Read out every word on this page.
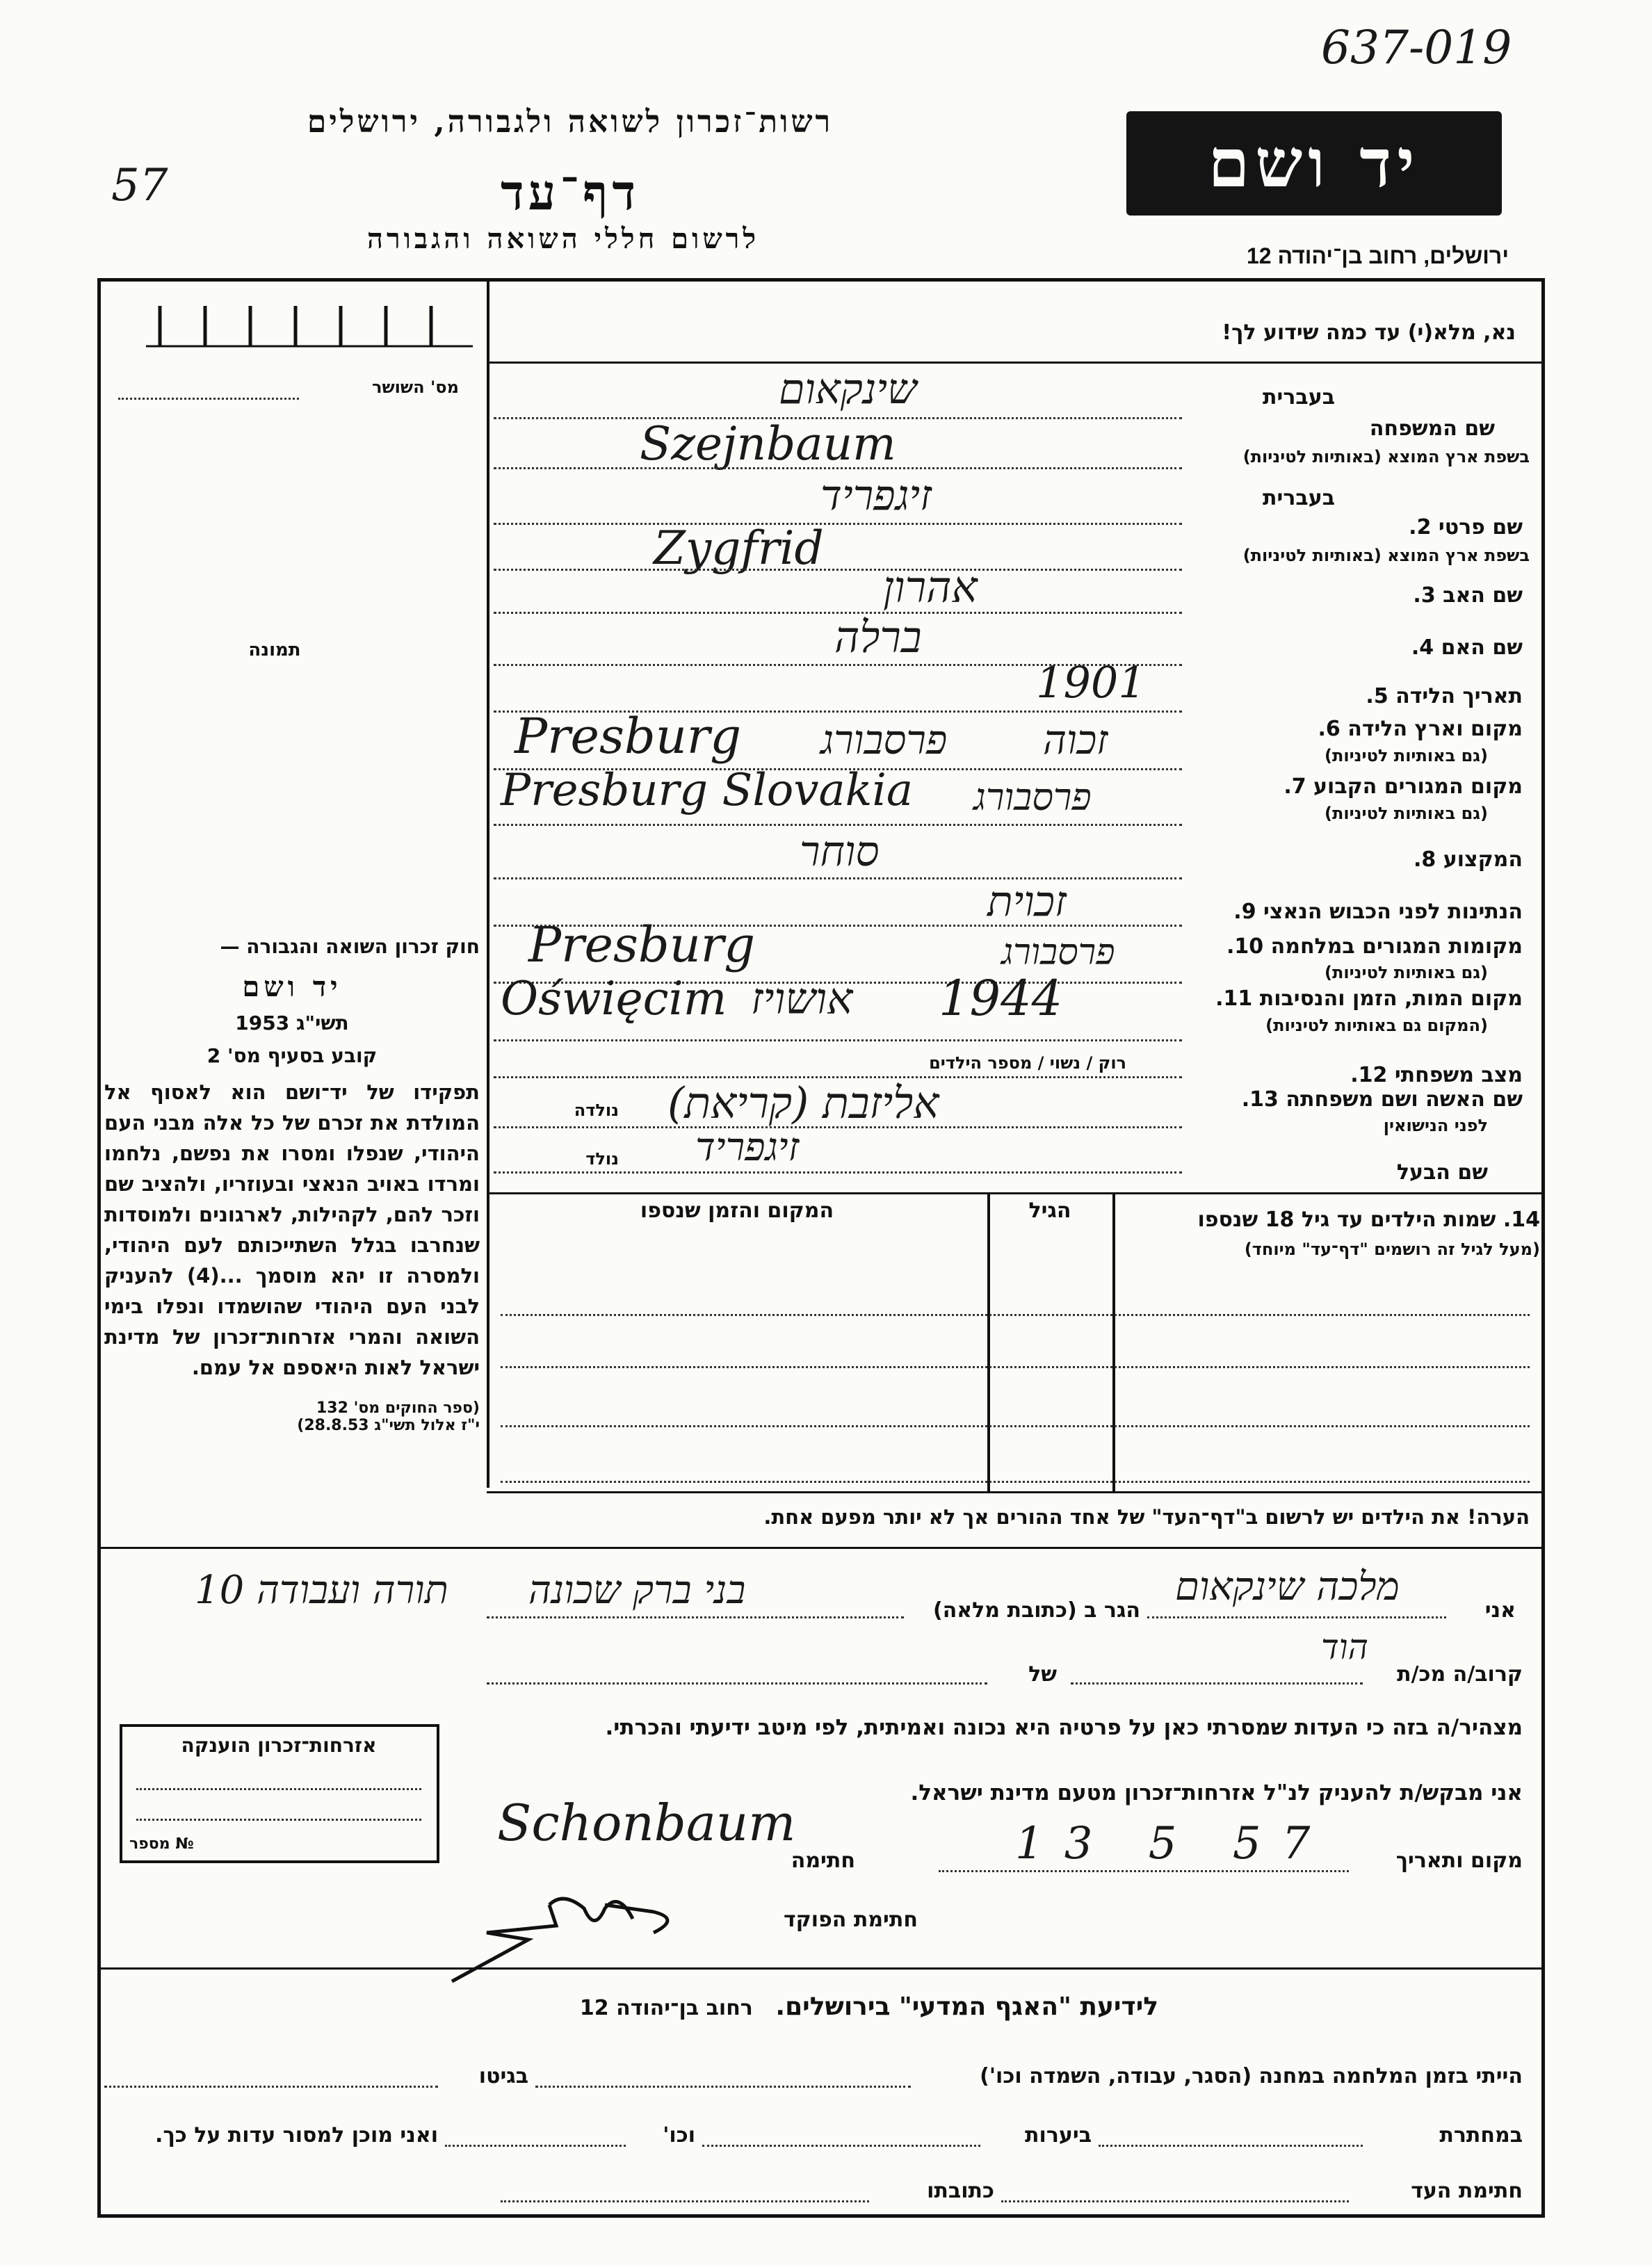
637-019
57
רשות־זכרון לשואה ולגבורה, ירושלים
דף־עד
לרשום חללי השואה והגבורה
יד ושם
ירושלים, רחוב בן־יהודה 12
מס' השושר
תמונה
חוק זכרון השואה והגבורה —
יד ושם
תשי"ג 1953
קובע בסעיף מס' 2
תפקידו של יד־ושם הוא לאסוף אל המולדת את זכרם של כל אלה מבני העם היהודי, שנפלו ומסרו את נפשם, נלחמו ומרדו באויב הנאצי ובעוזריו, ולהציב שם וזכר להם, לקהילות, לארגונים ולמוסדות שנחרבו בגלל השתייכותם לעם היהודי, ולמסרה זו יהא מוסמך ...(4) להעניק לבני העם היהודי שהושמדו ונפלו בימי השואה והמרי אזרחות־זכרון של מדינת ישראל לאות היאספם אל עמם.
(ספר החוקים מס' 132
י"ז אלול תשי"ג 28.8.53)
אזרחות־זכרון הוענקה
מספר №
נא, מלא(י) עד כמה שידוע לך!
בעברית
שם המשפחה
בשפת ארץ המוצא (באותיות לטיניות)
שינקאום
Szejnbaum
בעברית
שם פרטי 2.
בשפת ארץ המוצא (באותיות לטיניות)
זיגפריד
Zygfrid
שם האב 3.
אהרון
שם האם 4.
ברלה
תאריך הלידה 5.
1901
מקום וארץ הלידה 6.
(גם באותיות לטיניות)
Presburg פרסבורג זכוה
מקום המגורים הקבוע 7.
(גם באותיות לטיניות)
Presburg Slovakia פרסבורג
המקצוע 8.
סוחר
הנתינות לפני הכבוש הנאצי 9.
זכוית
מקומות המגורים במלחמה 10.
(גם באותיות לטיניות)
Presburg	פרסבורג
מקום המות, הזמן והנסיבות 11.
(המקום גם באותיות לטיניות)
Oświęcim אושויז 1944
מצב משפחתי 12.
רוק / נשוי / מספר הילדים
שם האשה ושם משפחתה 13.
לפני הנישואין
אליזבת (קריאת)
נולדה
שם הבעל
זיגפריד
נולד
14. שמות הילדים עד גיל 18 שנספו
(מעל לגיל זה רושמים "דף־עד" מיוחד)
הגיל
המקום והזמן שנספו
הערה! את הילדים יש לרשום ב"דף־העד" של אחד ההורים אך לא יותר מפעם אחת.
אני
מלכה שינקאום
הגר ב (כתובת מלאה)
בני ברק שכונה
תורה ועבודה 10
קרוב/ה מכ/ת
הוד
של
מצהיר/ה בזה כי העדות שמסרתי כאן על פרטיה היא נכונה ואמיתית, לפי מיטב ידיעתי והכרתי.
אני מבקש/ת להעניק לנ"ל אזרחות־זכרון מטעם מדינת ישראל.
מקום ותאריך
13 5 57
חתימה
Schonbaum
חתימת הפוקד
לידיעת "האגף המדעי" בירושלים. רחוב בן־יהודה 12
הייתי בזמן המלחמה במחנה (הסגר, עבודה, השמדה וכו')
בגיטו
במחתרת
ביערות
וכו'
ואני מוכן למסור עדות על כך.
חתימת העד
כתובתו
